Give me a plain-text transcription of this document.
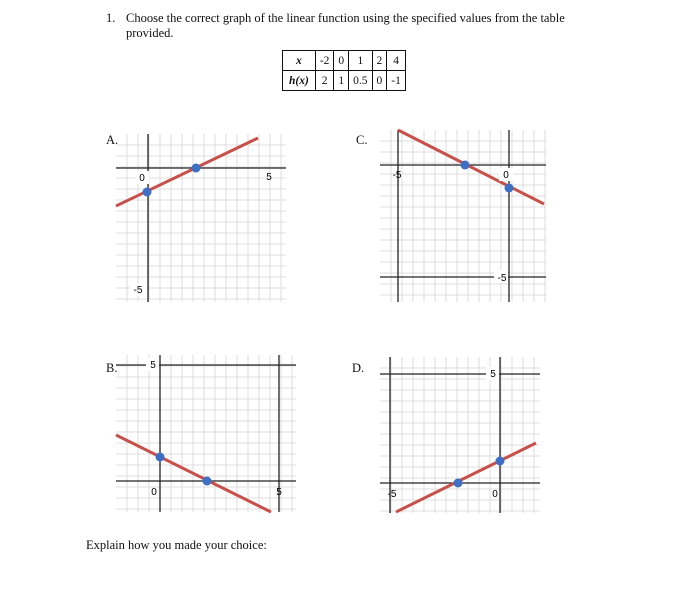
1. Choose the correct graph of the linear function using the specified values from the table provided.
x	-2	0	1	2	4
h(x)	2	1	0.5	0	-1
A.
0	5
-5
C.
-5	0
-5
B.	5
0	5
D.	5
-5	0
Explain how you made your choice:
